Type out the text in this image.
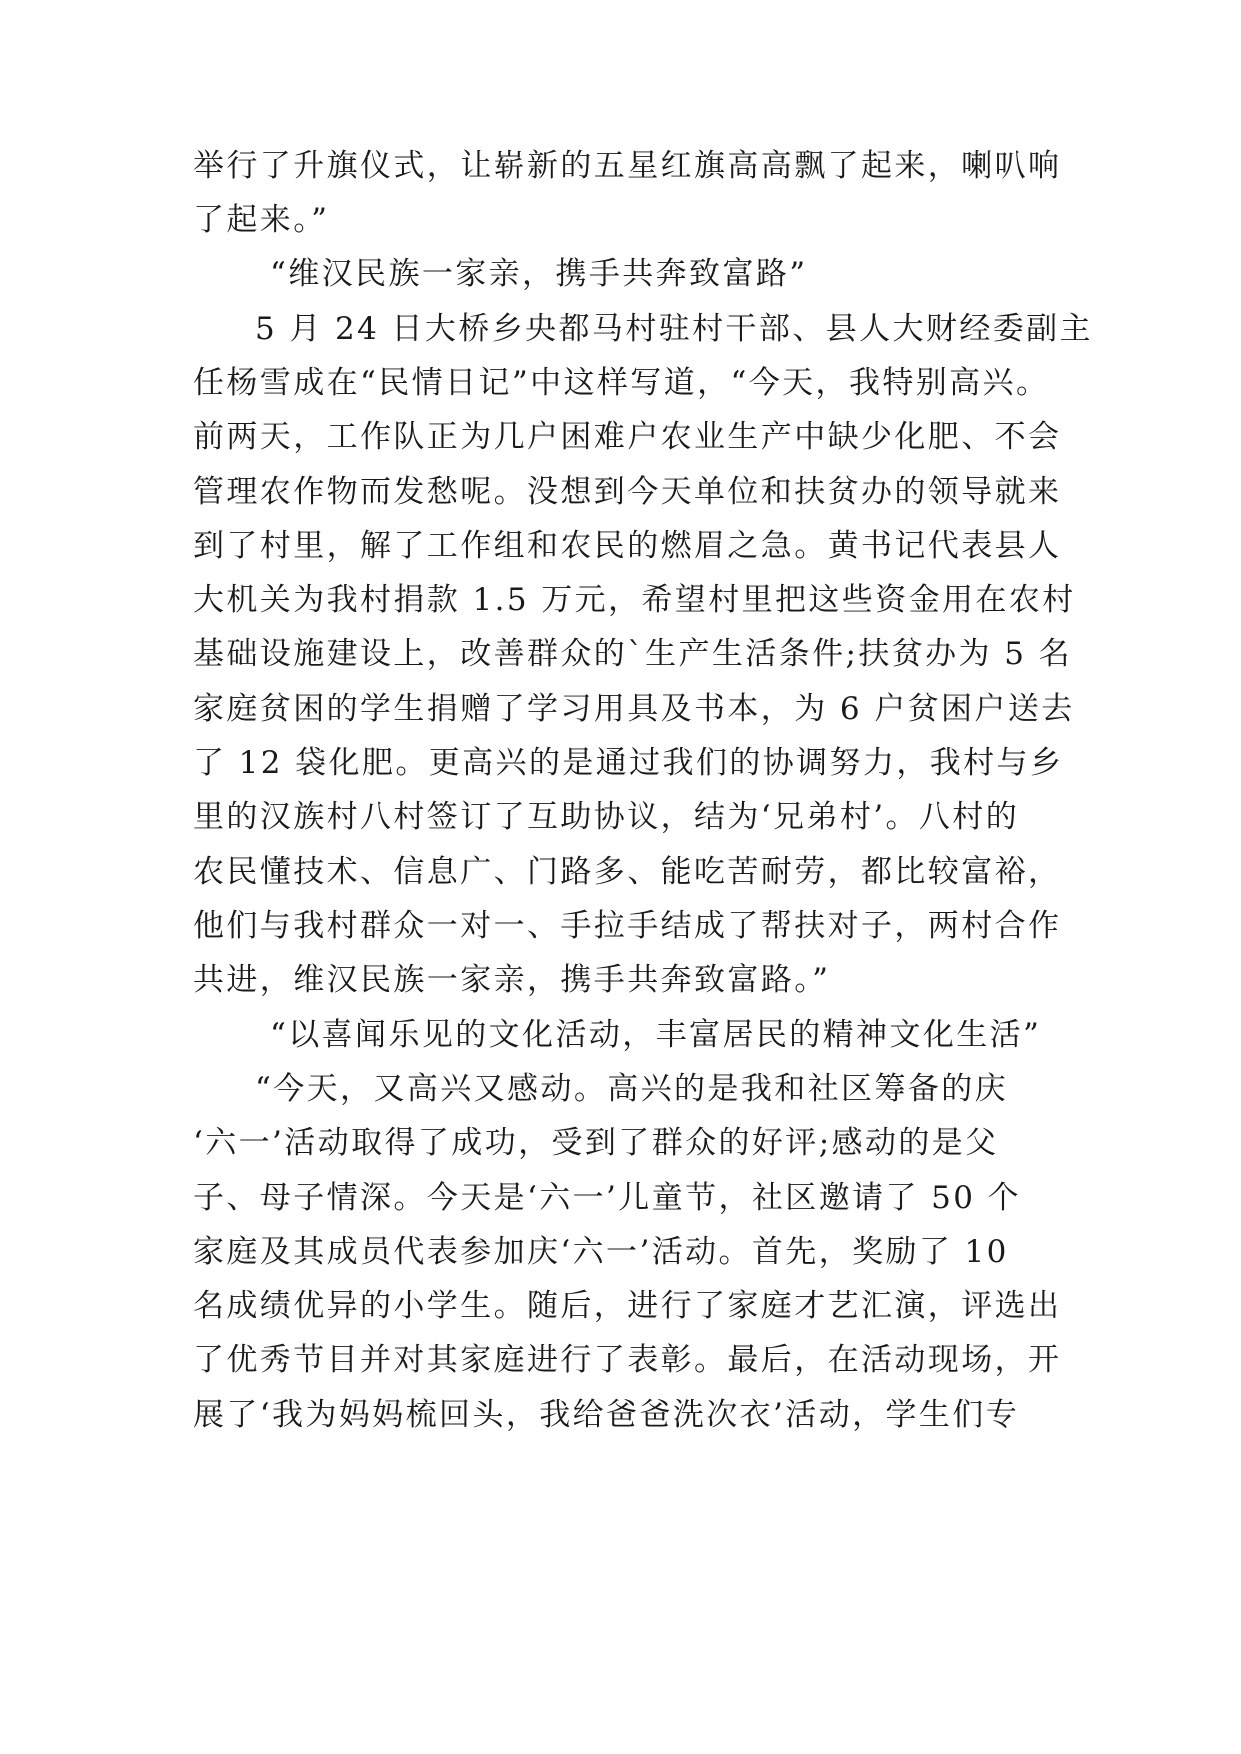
举行了升旗仪式，让崭新的五星红旗高高飘了起来，喇叭响
了起来。”
“维汉民族一家亲，携手共奔致富路”
5 月 24 日大桥乡央都马村驻村干部、县人大财经委副主
任杨雪成在“民情日记”中这样写道，“今天，我特别高兴。
前两天，工作队正为几户困难户农业生产中缺少化肥、不会
管理农作物而发愁呢。没想到今天单位和扶贫办的领导就来
到了村里，解了工作组和农民的燃眉之急。黄书记代表县人
大机关为我村捐款 1.5 万元，希望村里把这些资金用在农村
基础设施建设上，改善群众的`生产生活条件;扶贫办为 5 名
家庭贫困的学生捐赠了学习用具及书本，为 6 户贫困户送去
了 12 袋化肥。更高兴的是通过我们的协调努力，我村与乡
里的汉族村八村签订了互助协议，结为‘兄弟村’。八村的
农民懂技术、信息广、门路多、能吃苦耐劳，都比较富裕，
他们与我村群众一对一、手拉手结成了帮扶对子，两村合作
共进，维汉民族一家亲，携手共奔致富路。”
“以喜闻乐见的文化活动，丰富居民的精神文化生活”
“今天，又高兴又感动。高兴的是我和社区筹备的庆
‘六一’活动取得了成功，受到了群众的好评;感动的是父
子、母子情深。今天是‘六一’儿童节，社区邀请了 50 个
家庭及其成员代表参加庆‘六一’活动。首先，奖励了 10
名成绩优异的小学生。随后，进行了家庭才艺汇演，评选出
了优秀节目并对其家庭进行了表彰。最后，在活动现场，开
展了‘我为妈妈梳回头，我给爸爸洗次衣’活动，学生们专
